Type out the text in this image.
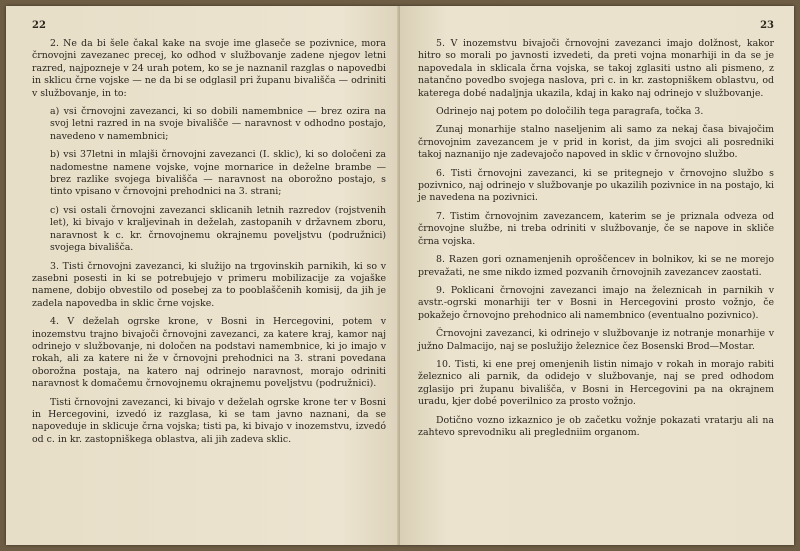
22

2. Ne da bi šele čakal kake na svoje ime glaseče se pozivnice, mora črnovojni zavezanec precej, ko odhod v službovanje zadene njegov letni razred, najpozneje v 24 urah potem, ko se je naznanil razglas o napovedbi in sklicu črne vojske — ne da bi se odglasil pri županu bivališča — odriniti v službovanje, in to:

a) vsi črnovojni zavezanci, ki so dobili namembnice — brez ozira na svoj letni razred in na svoje bivališče — naravnost v odhodno postajo, navedeno v namembnici;

b) vsi 37letni in mlajši črnovojni zavezanci (I. sklic), ki so določeni za nadomestne namene vojske, vojne mornarice in deželne brambe — brez razlike svojega bivališča — naravnost na oborožno postajo, s tinto vpisano v črnovojni prehodnici na 3. strani;

c) vsi ostali črnovojni zavezanci sklicanih letnih razredov (rojstvenih let), ki bivajo v kraljevinah in deželah, zastopanih v državnem zboru, naravnost k c. kr. črnovojnemu okrajnemu poveljstvu (podružnici) svojega bivališča.

3. Tisti črnovojni zavezanci, ki služijo na trgovinskih parnikih, ki so v zasebni posesti in ki se potrebujejo v primeru mobilizacije za vojaške namene, dobijo obvestilo od posebej za to pooblaščenih komisij, da jih je zadela napovedba in sklic črne vojske.

4. V deželah ogrske krone, v Bosni in Hercegovini, potem v inozemstvu trajno bivajoči črnovojni zavezanci, za katere kraj, kamor naj odrinejo v službovanje, ni določen na podstavi namembnice, ki jo imajo v rokah, ali za katere ni že v črnovojni prehodnici na 3. strani povedana oborožna postaja, na katero naj odrinejo naravnost, morajo odriniti naravnost k domačemu črnovojnemu okrajnemu poveljstvu (podružnici).

Tisti črnovojni zavezanci, ki bivajo v deželah ogrske krone ter v Bosni in Hercegovini, izvedó iz razglasa, ki se tam javno naznani, da se napoveduje in sklicuje črna vojska; tisti pa, ki bivajo v inozemstvu, izvedó od c. in kr. zastopniškega oblastva, ali jih zadeva sklic.

23

5. V inozemstvu bivajoči črnovojni zavezanci imajo dolžnost, kakor hitro so morali po javnosti izvedeti, da preti vojna monarhiji in da se je napovedala in sklicala črna vojska, se takoj zglasiti ustno ali pismeno, z natančno povedbo svojega naslova, pri c. in kr. zastopniškem oblastvu, od katerega dobé nadaljnja ukazila, kdaj in kako naj odrinejo v službovanje.

Odrinejo naj potem po določilih tega paragrafa, točka 3.

Zunaj monarhije stalno naseljenim ali samo za nekaj časa bivajočim črnovojnim zavezancem je v prid in korist, da jim svojci ali posredniki takoj naznanijo nje zadevajočo napoved in sklic v črnovojno službo.

6. Tisti črnovojni zavezanci, ki se pritegnejo v črnovojno službo s pozivnico, naj odrinejo v službovanje po ukazilih pozivnice in na postajo, ki je navedena na pozivnici.

7. Tistim črnovojnim zavezancem, katerim se je priznala odveza od črnovojne službe, ni treba odriniti v službovanje, če se napove in skliče črna vojska.

8. Razen gori oznamenjenih oproščencev in bolnikov, ki se ne morejo prevažati, ne sme nikdo izmed pozvanih črnovojnih zavezancev zaostati.

9. Poklicani črnovojni zavezanci imajo na železnicah in parnikih v avstr.-ogrski monarhiji ter v Bosni in Hercegovini prosto vožnjo, če pokažejo črnovojno prehodnico ali namembnico (eventualno pozivnico).

Črnovojni zavezanci, ki odrinejo v službovanje iz notranje monarhije v južno Dalmacijo, naj se poslužijo železnice čez Bosenski Brod—Mostar.

10. Tisti, ki ene prej omenjenih listin nimajo v rokah in morajo rabiti železnico ali parnik, da odidejo v službovanje, naj se pred odhodom zglasijo pri županu bivališča, v Bosni in Hercegovini pa na okrajnem uradu, kjer dobé poverilnico za prosto vožnjo.

Dotično vozno izkaznico je ob začetku vožnje pokazati vratarju ali na zahtevo sprevodniku ali pregledniim organom.
